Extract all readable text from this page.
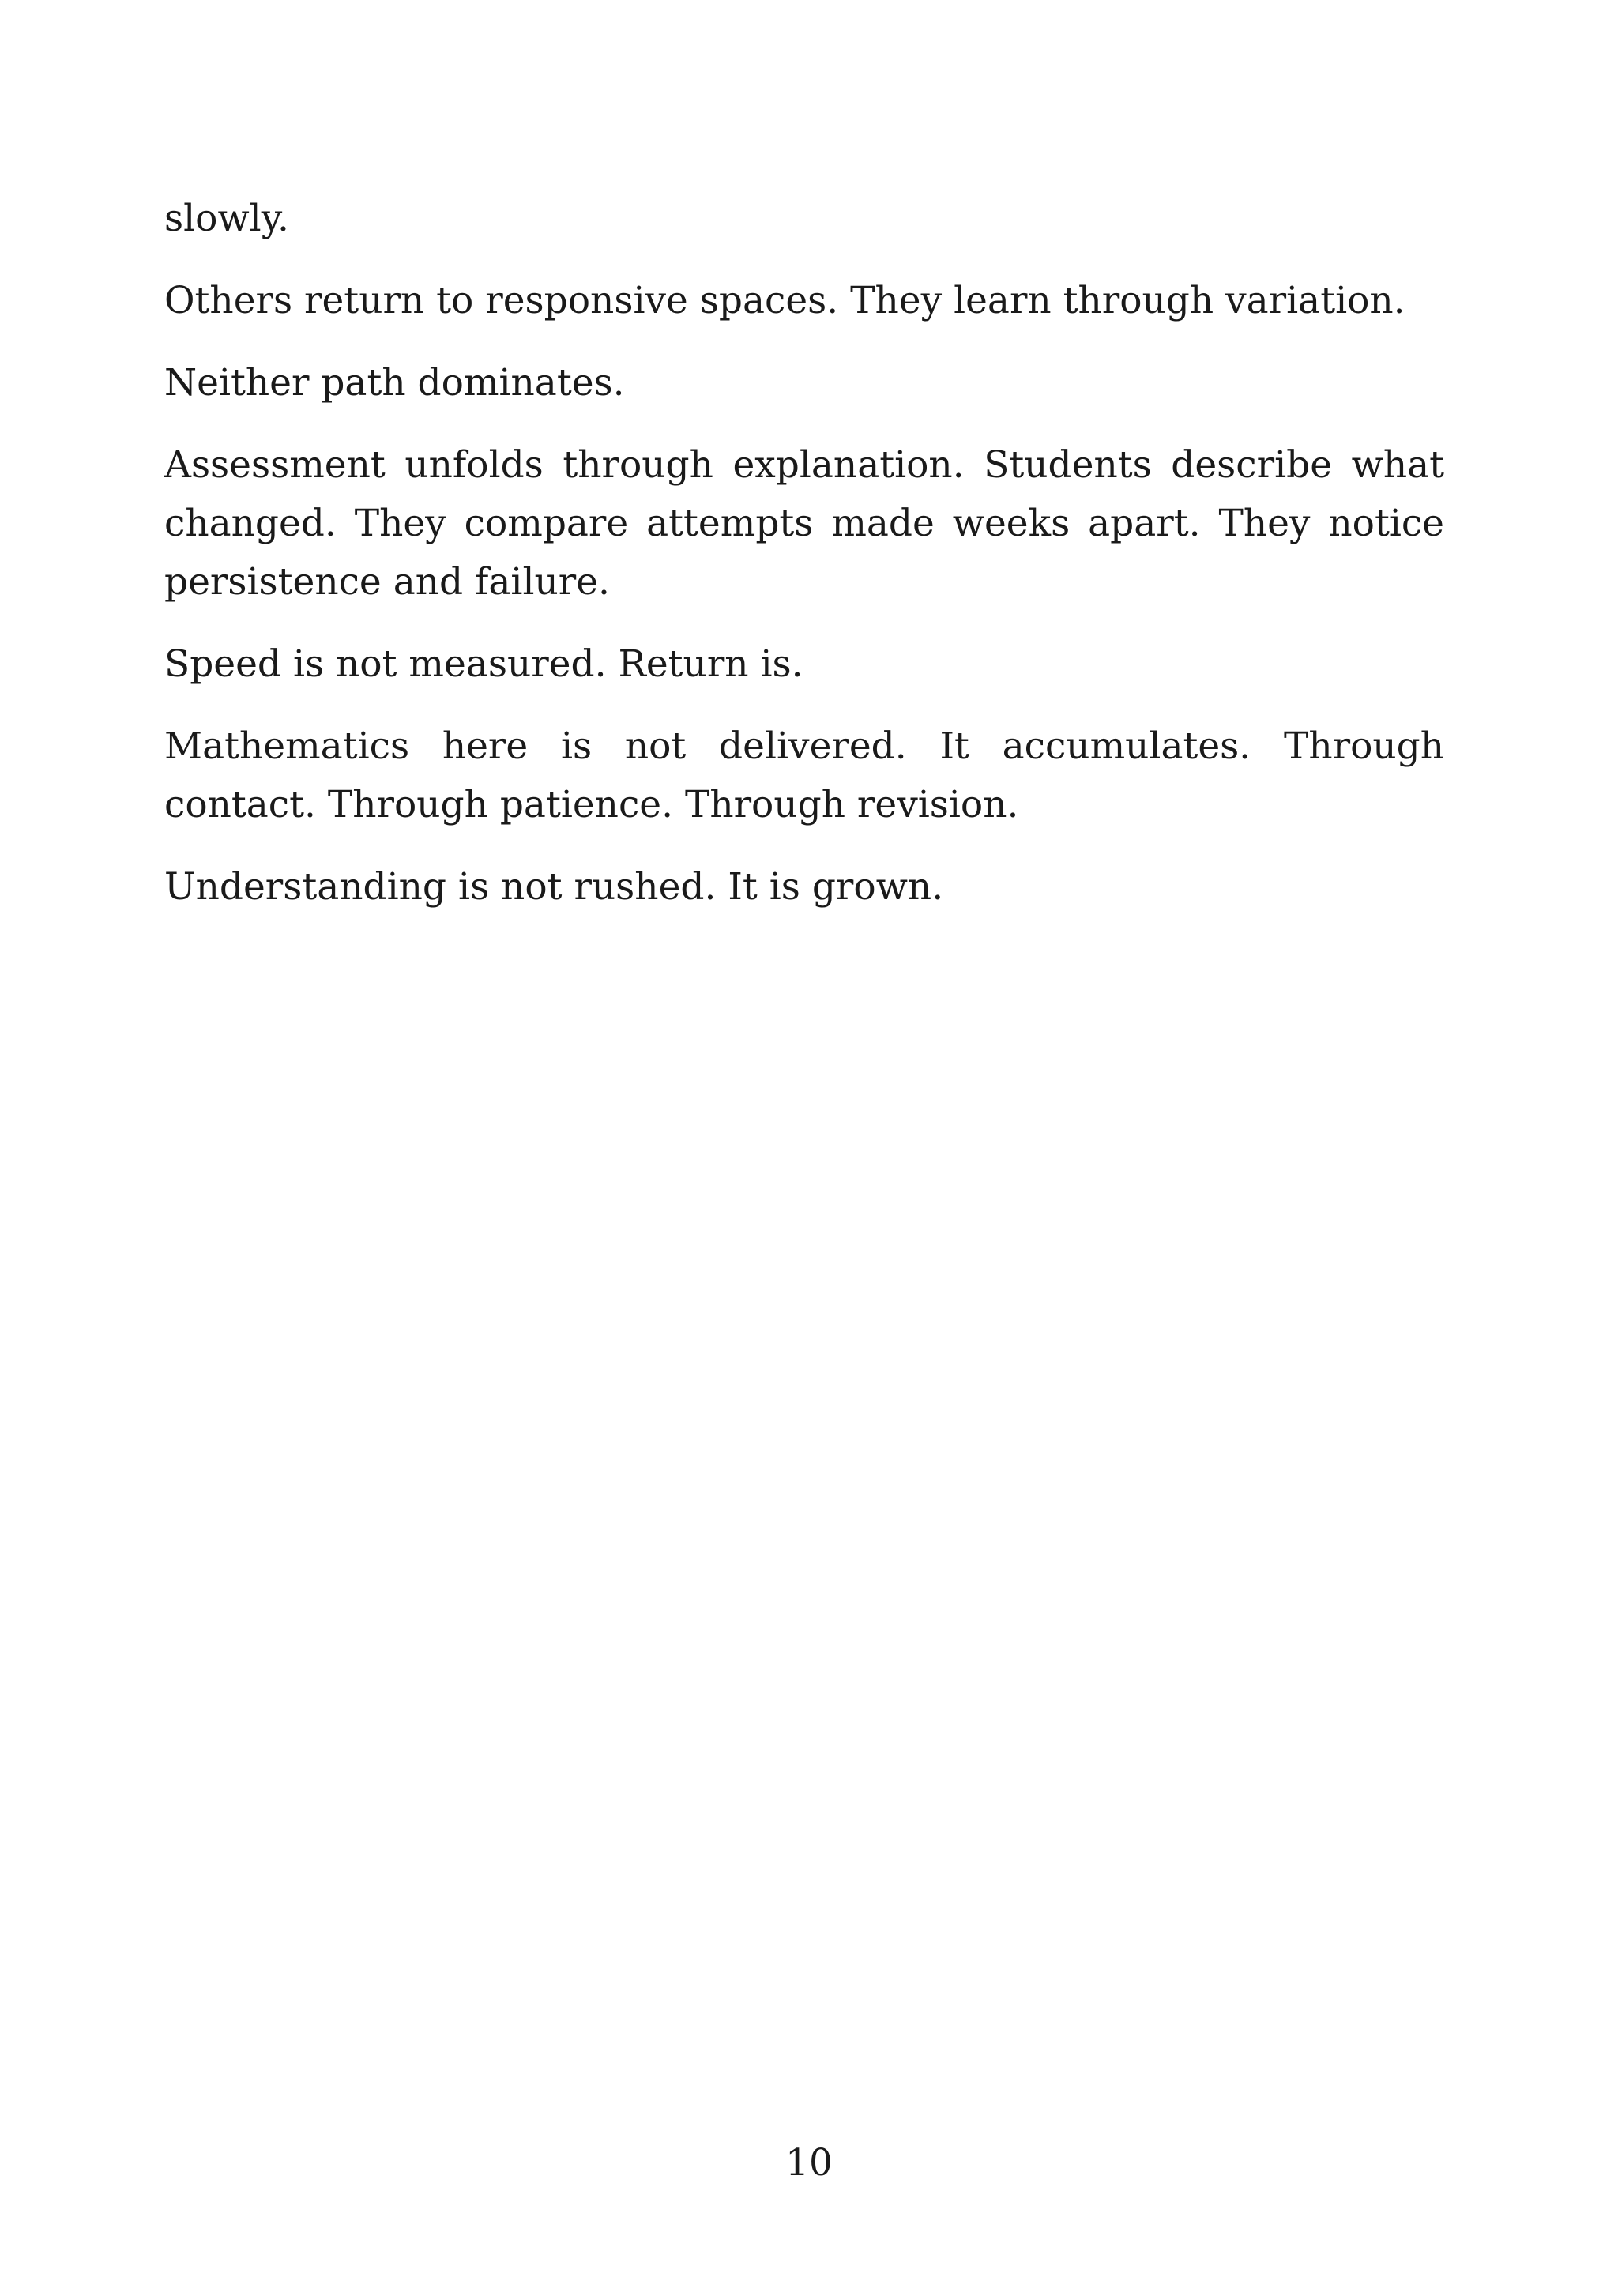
slowly.

Others return to responsive spaces. They learn through variation.

Neither path dominates.

Assessment unfolds through explanation. Students describe what changed. They compare attempts made weeks apart. They notice persistence and failure.

Speed is not measured. Return is.

Mathematics here is not delivered. It accumulates. Through contact. Through patience. Through revision.

Understanding is not rushed. It is grown.

10
